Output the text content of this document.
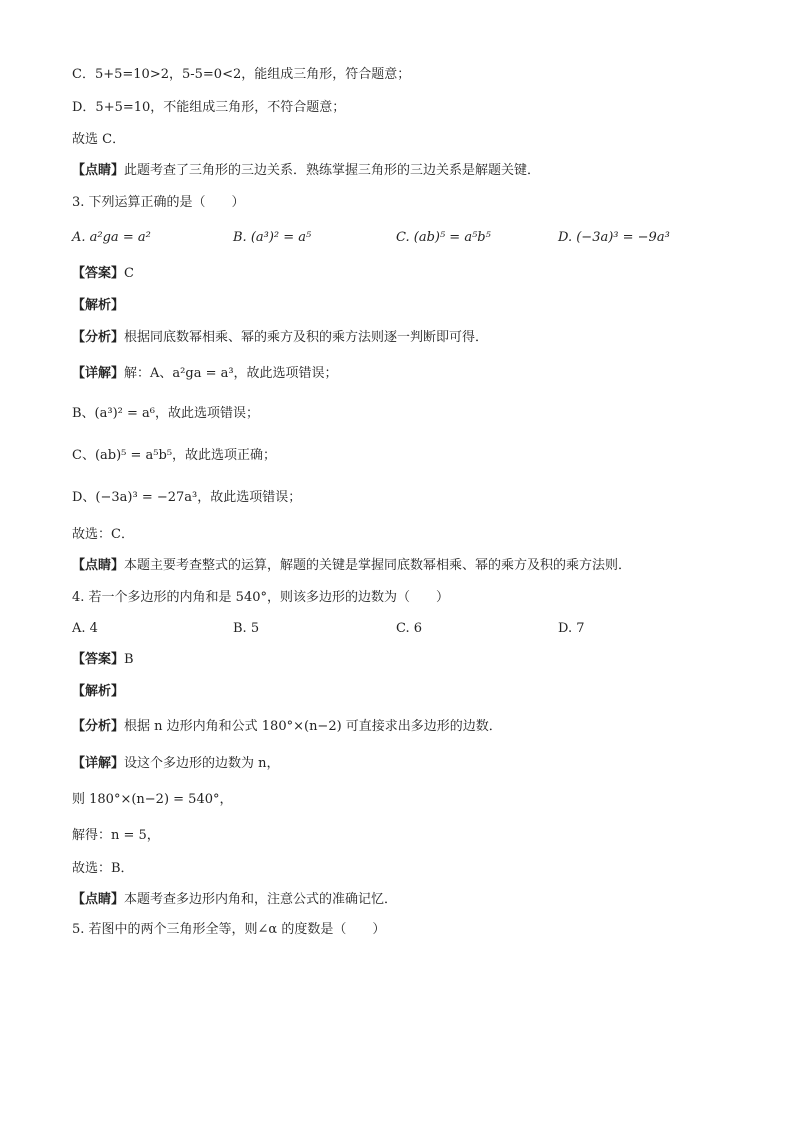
C．5+5=10>2，5-5=0<2，能组成三角形，符合题意；
D．5+5=10，不能组成三角形，不符合题意；
故选 C．
【点睛】此题考查了三角形的三边关系．熟练掌握三角形的三边关系是解题关键．
3. 下列运算正确的是（　　）
A. a²ga = a²	B. (a³)² = a⁵	C. (ab)⁵ = a⁵b⁵	D. (−3a)³ = −9a³
【答案】C
【解析】
【分析】根据同底数幂相乘、幂的乘方及积的乘方法则逐一判断即可得．
【详解】解：A、a²ga = a³，故此选项错误；
B、(a³)² = a⁶，故此选项错误；
C、(ab)⁵ = a⁵b⁵，故此选项正确；
D、(−3a)³ = −27a³，故此选项错误；
故选：C．
【点睛】本题主要考查整式的运算，解题的关键是掌握同底数幂相乘、幂的乘方及积的乘方法则．
4. 若一个多边形的内角和是 540°，则该多边形的边数为（　　）
A. 4	B. 5	C. 6	D. 7
【答案】B
【解析】
【分析】根据 n 边形内角和公式 180°×(n−2) 可直接求出多边形的边数．
【详解】设这个多边形的边数为 n，
则 180°×(n−2) = 540°，
解得：n = 5，
故选：B．
【点睛】本题考查多边形内角和，注意公式的准确记忆．
5. 若图中的两个三角形全等，则∠α 的度数是（　　）
